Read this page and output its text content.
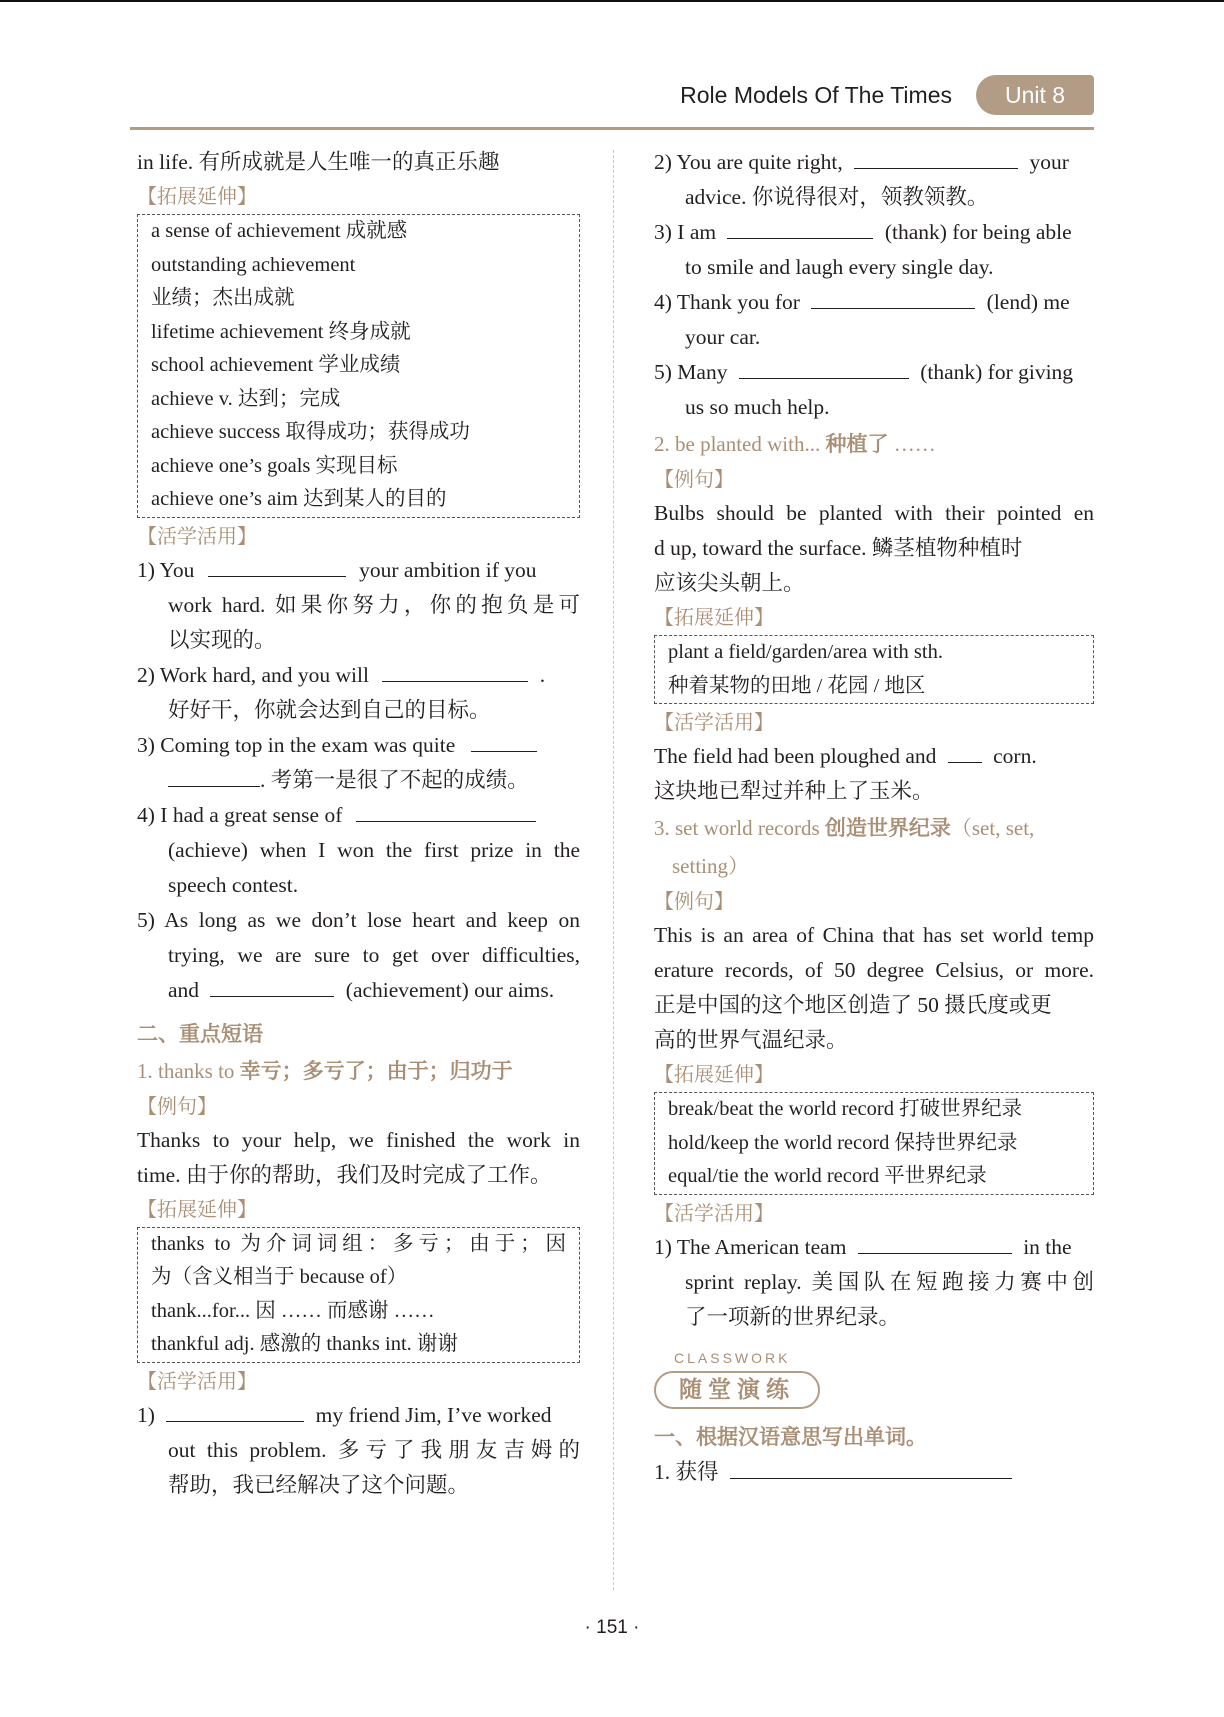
Role Models Of The Times	Unit 8
in life. 有所成就是人生唯一的真正乐趣
【拓展延伸】
a sense of achievement 成就感
outstanding achievement
业绩；杰出成就
lifetime achievement 终身成就
school achievement 学业成绩
achieve v. 达到；完成
achieve success 取得成功；获得成功
achieve one’s goals 实现目标
achieve one’s aim 达到某人的目的
【活学活用】
1) You	your ambition if you
work hard. 如果你努力，你的抱负是可
以实现的。
2) Work hard, and you will	.
好好干，你就会达到自己的目标。
3) Coming top in the exam was quite
. 考第一是很了不起的成绩。
4) I had a great sense of
(achieve) when I won the first prize in the
speech contest.
5) As long as we don’t lose heart and keep on
trying, we are sure to get over difficulties,
and	(achievement) our aims.
二、重点短语
1. thanks to 幸亏；多亏了；由于；归功于
【例句】
Thanks to your help, we finished the work in
time. 由于你的帮助，我们及时完成了工作。
【拓展延伸】
thanks to 为介词词组：多亏；由于；因
为（含义相当于 because of）
thank...for... 因 …… 而感谢 ……
thankful adj. 感激的 thanks int. 谢谢
【活学活用】
1)	my friend Jim, I’ve worked
out this problem. 多亏了我朋友吉姆的
帮助，我已经解决了这个问题。
2) You are quite right,	your
advice. 你说得很对，领教领教。
3) I am	(thank) for being able
to smile and laugh every single day.
4) Thank you for	(lend) me
your car.
5) Many	(thank) for giving
us so much help.
2. be planted with... 种植了 ……
【例句】
Bulbs should be planted with their pointed en
d up, toward the surface. 鳞茎植物种植时
应该尖头朝上。
【拓展延伸】
plant a field/garden/area with sth.
种着某物的田地 / 花园 / 地区
【活学活用】
The field had been ploughed and	corn.
这块地已犁过并种上了玉米。
3. set world records 创造世界纪录（set, set,
setting）
【例句】
This is an area of China that has set world temp
erature records, of 50 degree Celsius, or more.
正是中国的这个地区创造了 50 摄氏度或更
高的世界气温纪录。
【拓展延伸】
break/beat the world record 打破世界纪录
hold/keep the world record 保持世界纪录
equal/tie the world record 平世界纪录
【活学活用】
1) The American team	in the
sprint replay. 美国队在短跑接力赛中创
了一项新的世界纪录。
CLASSWORK
随堂演练
一、根据汉语意思写出单词。
1. 获得
· 151 ·
